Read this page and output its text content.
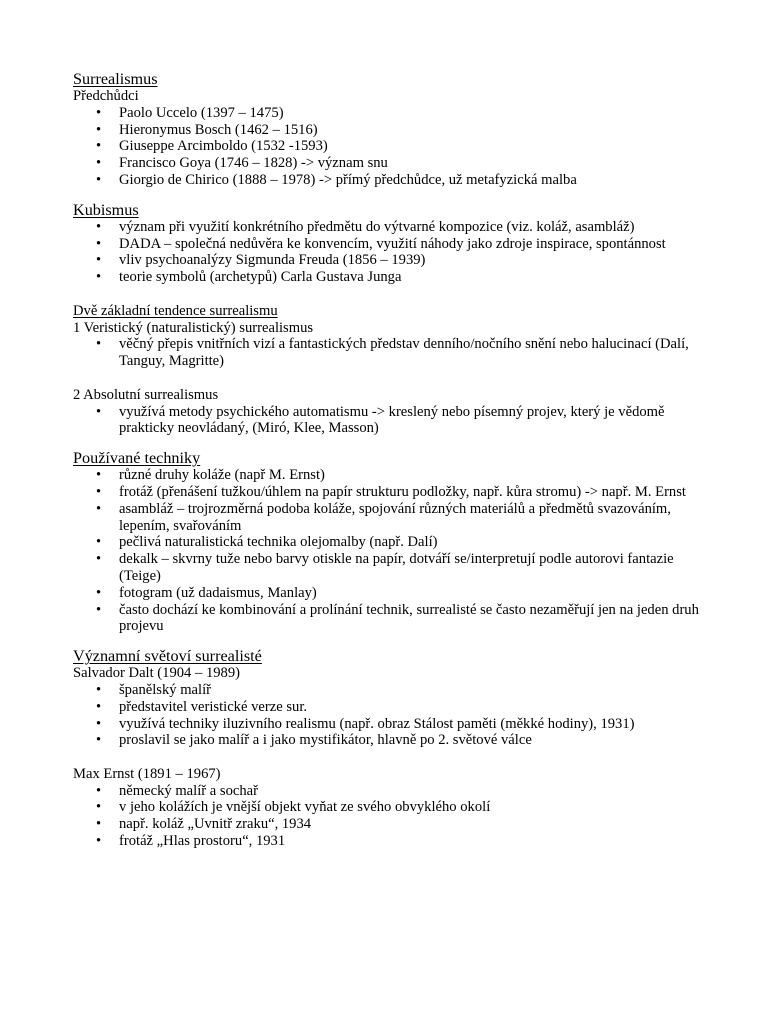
Surrealismus
Předchůdci
• Paolo Uccelo (1397 – 1475)
• Hieronymus Bosch (1462 – 1516)
• Giuseppe Arcimboldo (1532 -1593)
• Francisco Goya (1746 – 1828) -> význam snu
• Giorgio de Chirico (1888 – 1978) -> přímý předchůdce, už metafyzická malba
Kubismus
• význam při využití konkrétního předmětu do výtvarné kompozice (viz. koláž, asambláž)
• DADA – společná nedůvěra ke konvencím, využití náhody jako zdroje inspirace, spontánnost
• vliv psychoanalýzy Sigmunda Freuda (1856 – 1939)
• teorie symbolů (archetypů) Carla Gustava Junga
Dvě základní tendence surrealismu
1 Veristický (naturalistický) surrealismus
• věčný přepis vnitřních vizí a fantastických představ denního/nočního snění nebo halucinací (Dalí, Tanguy, Magritte)
2 Absolutní surrealismus
• využívá metody psychického automatismu -> kreslený nebo písemný projev, který je vědomě prakticky neovládaný, (Miró, Klee, Masson)
Používané techniky
• různé druhy koláže (např M. Ernst)
• frotáž (přenášení tužkou/úhlem na papír strukturu podložky, např. kůra stromu) -> např. M. Ernst
• asambláž – trojrozměrná podoba koláže, spojování různých materiálů a předmětů svazováním, lepením, svařováním
• pečlivá naturalistická technika olejomalby (např. Dalí)
• dekalk – skvrny tuže nebo barvy otiskle na papír, dotváří se/interpretují podle autorovi fantazie (Teige)
• fotogram (už dadaismus, Manlay)
• často dochází ke kombinování a prolínání technik, surrealisté se často nezaměřují jen na jeden druh projevu
Významní světoví surrealisté
Salvador Dalt (1904 – 1989)
• španělský malíř
• představitel veristické verze sur.
• využívá techniky iluzivního realismu (např. obraz Stálost paměti (měkké hodiny), 1931)
• proslavil se jako malíř a i jako mystifikátor, hlavně po 2. světové válce
Max Ernst (1891 – 1967)
• německý malíř a sochař
• v jeho kolážích je vnější objekt vyňat ze svého obvyklého okolí
• např. koláž „Uvnitř zraku“, 1934
• frotáž „Hlas prostoru“, 1931
